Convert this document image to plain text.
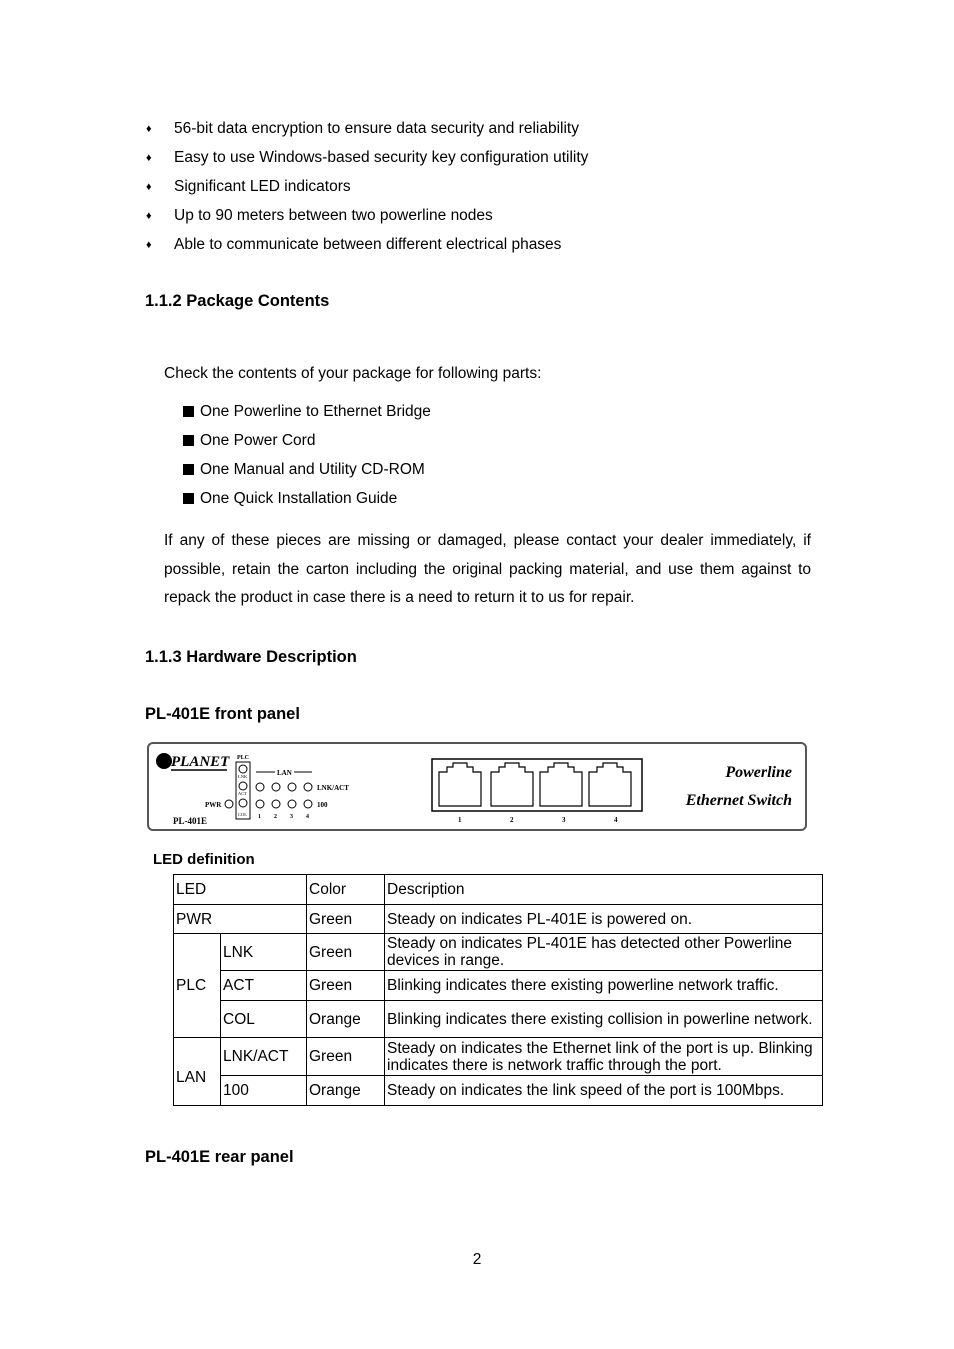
♦	56-bit data encryption to ensure data security and reliability
♦	Easy to use Windows-based security key configuration utility
♦	Significant LED indicators
♦	Up to 90 meters between two powerline nodes
♦	Able to communicate between different electrical phases
1.1.2 Package Contents
Check the contents of your package for following parts:
One Powerline to Ethernet Bridge
One Power Cord
One Manual and Utility CD-ROM
One Quick Installation Guide
If any of these pieces are missing or damaged, please contact your dealer immediately, if possible, retain the carton including the original packing material, and use them against to repack the product in case there is a need to return it to us for repair.
1.1.3 Hardware Description
PL-401E front panel
PLANET PLC
LNK
ACT
COL
PWR
LAN
LNK/ACT
100
1 2 3 4
PL-401E	1	2	3	4
Powerline
Ethernet Switch
LED definition
LED		Color	Description
PWR		Green	Steady on indicates PL-401E is powered on.
PLC	LNK	Green	Steady on indicates PL-401E has detected other Powerline devices in range.
	ACT	Green	Blinking indicates there existing powerline network traffic.
	COL	Orange	Blinking indicates there existing collision in powerline network.
LAN	LNK/ACT	Green	Steady on indicates the Ethernet link of the port is up. Blinking indicates there is network traffic through the port.
	100	Orange	Steady on indicates the link speed of the port is 100Mbps.
PL-401E rear panel
2
